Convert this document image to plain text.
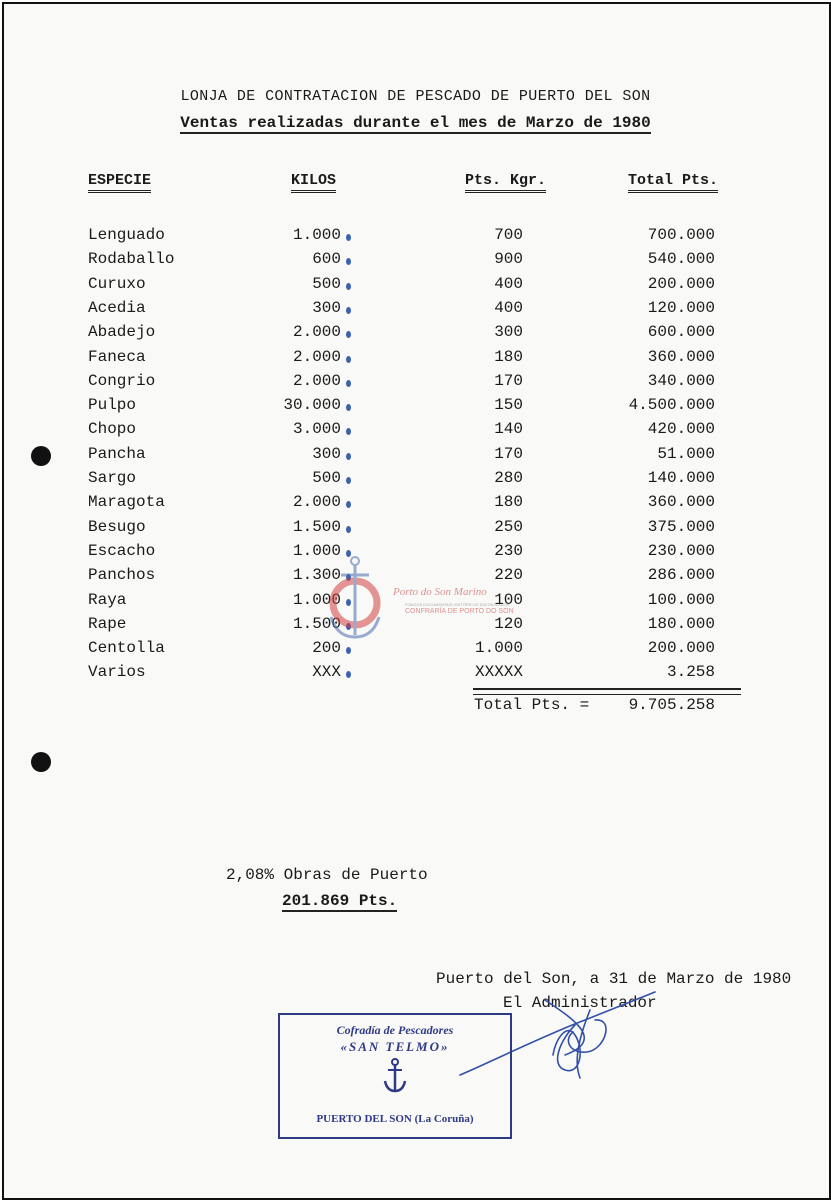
LONJA DE CONTRATACION DE PESCADO DE PUERTO DEL SON
Ventas realizadas durante el mes de Marzo de 1980
ESPECIE	KILOS	Pts. Kgr.	Total Pts.
Lenguado	1.000	700	700.000
Rodaballo	600	900	540.000
Curuxo	500	400	200.000
Acedia	300	400	120.000
Abadejo	2.000	300	600.000
Faneca	2.000	180	360.000
Congrio	2.000	170	340.000
Pulpo	30.000	150	4.500.000
Chopo	3.000	140	420.000
Pancha	300	170	51.000
Sargo	500	280	140.000
Maragota	2.000	180	360.000
Besugo	1.500	250	375.000
Escacho	1.000	230	230.000
Panchos	1.300	220	286.000
Raya	1.000	100	100.000
Rape	1.500	120	180.000
Centolla	200	1.000	200.000
Varios	XXX	XXXXX	3.258
Total Pts. = 9.705.258
2,08% Obras de Puerto
201.869 Pts.
Puerto del Son, a 31 de Marzo de 1980
El Administrador
Cofradía de Pescadores
«SAN TELMO»
PUERTO DEL SON (La Coruña)
Porto do Son Marino
FONDOS DOCUMENTAIS HISTÓRICOS DIXITALIZADOS
CONFRARÍA DE PORTO DO SON
